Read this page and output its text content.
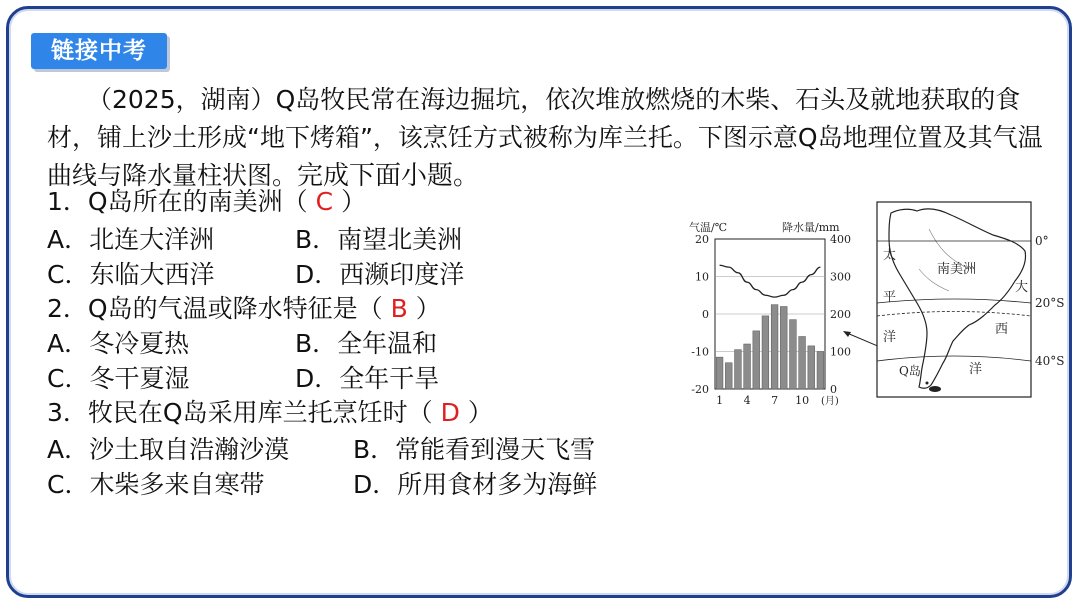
链接中考

（2025，湖南）Q岛牧民常在海边掘坑，依次堆放燃烧的木柴、石头及就地获取的食材，铺上沙土形成“地下烤箱”，该烹饪方式被称为库兰托。下图示意Q岛地理位置及其气温曲线与降水量柱状图。完成下面小题。

1．Q岛所在的南美洲（ C ）
A．北连大洋洲	B．南望北美洲
C．东临大西洋	D．西濒印度洋
2．Q岛的气温或降水特征是（ B ）
A．冬冷夏热	B．全年温和
C．冬干夏湿	D．全年干旱
3．牧民在Q岛采用库兰托烹饪时（ D ）
A．沙土取自浩瀚沙漠	B．常能看到漫天飞雪
C．木柴多来自寒带	D．所用食材多为海鲜
气温/℃	降水量/mm
20
10
0
-10
-20
400
300
200
100
0
1 4 7 10 (月)
0°
20°S
40°S
南美洲
太
平
洋
大
西
洋
Q岛
